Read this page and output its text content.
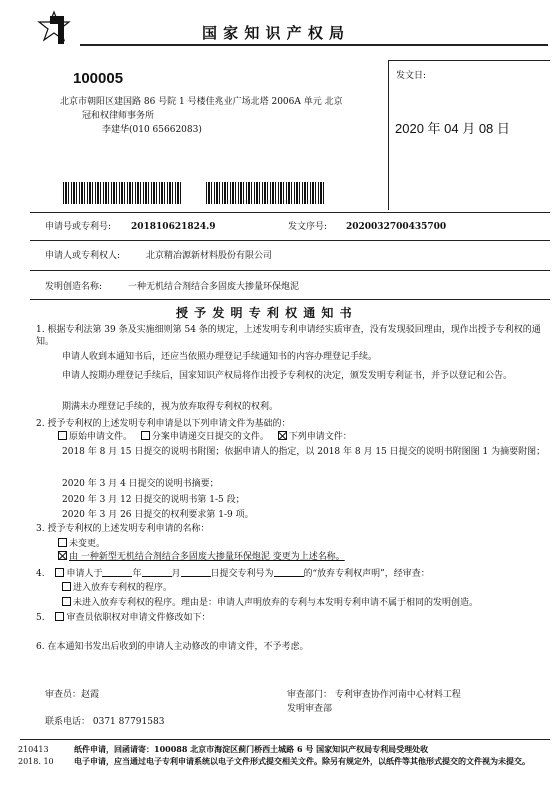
国 家 知 识 产 权 局
100005
北京市朝阳区建国路 86 号院 1 号楼佳兆业广场北塔 2006A 单元 北京
冠和权律师事务所
李建华(010 65662083)
发文日:
2020 年 04 月 08 日
申请号或专利号: 201810621824.9	发文序号: 2020032700435700
申请人或专利权人:	北京精冶源新材料股份有限公司
发明创造名称:	一种无机结合剂结合多固废大掺量环保炮泥
授 予 发 明 专 利 权 通 知 书
1. 根据专利法第 39 条及实施细则第 54 条的规定，上述发明专利申请经实质审查，没有发现驳回理由，现作出授予专利权的通知。
申请人收到本通知书后，还应当依照办理登记手续通知书的内容办理登记手续。
申请人按期办理登记手续后，国家知识产权局将作出授予专利权的决定，颁发发明专利证书，并予以登记和公告。
期满未办理登记手续的，视为放弃取得专利权的权利。
2. 授予专利权的上述发明专利申请是以下列申请文件为基础的：
原始申请文件。 分案申请递交日提交的文件。 下列申请文件：
2018 年 8 月 15 日提交的说明书附图；依据申请人的指定，以 2018 年 8 月 15 日提交的说明书附图图 1 为摘要附图；
2020 年 3 月 4 日提交的说明书摘要；
2020 年 3 月 12 日提交的说明书第 1-5 段；
2020 年 3 月 26 日提交的权利要求第 1-9 项。
3. 授予专利权的上述发明专利申请的名称：
未变更。
由 一种新型无机结合剂结合多固废大掺量环保炮泥 变更为上述名称。
4. 申请人于	年	月	日提交专利号为	的“放弃专利权声明”，经审查：
进入放弃专利权的程序。
未进入放弃专利权的程序。理由是：申请人声明放弃的专利与本发明专利申请不属于相同的发明创造。
5. 审查员依职权对申请文件修改如下：
6. 在本通知书发出后收到的申请人主动修改的申请文件，不予考虑。
审查员：赵霞	审查部门： 专利审查协作河南中心材料工程
发明审查部
联系电话： 0371 87791583
210413
2018. 10
纸件申请，回函请寄：100088 北京市海淀区蓟门桥西土城路 6 号 国家知识产权局专利局受理处收
电子申请，应当通过电子专利申请系统以电子文件形式提交相关文件。除另有规定外，以纸件等其他形式提交的文件视为未提交。
